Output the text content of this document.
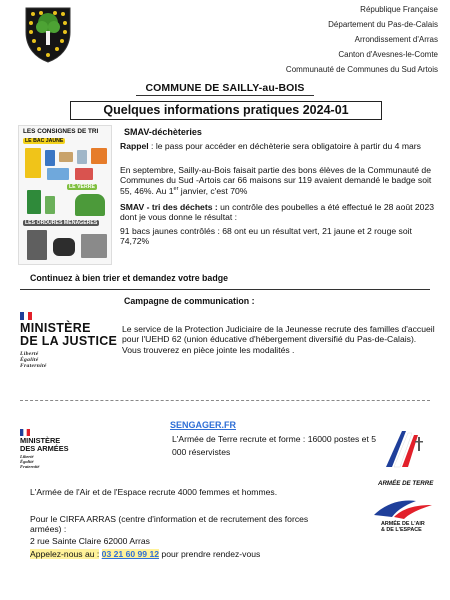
République Française
Département du Pas-de-Calais
Arrondissement d'Arras
Canton d'Avesnes-le-Comte
Communauté de Communes du Sud Artois
COMMUNE DE SAILLY-au-BOIS
Quelques informations pratiques 2024-01
LES CONSIGNES DE TRI
LE BAC JAUNE
LE VERRE
LES ORDURES MÉNAGÈRES
SMAV-déchèteries
Rappel : le pass pour accéder en déchèterie sera obligatoire à partir du 4 mars
En septembre, Sailly-au-Bois faisait partie des bons élèves de la Communauté de Communes du Sud -Artois car 66 maisons sur 119 avaient demandé le badge soit 55, 46%. Au 1er janvier, c'est 70%
SMAV - tri des déchets : un contrôle des poubelles a été effectué le 28 août 2023 dont je vous donne le résultat :
91 bacs jaunes contrôlés : 68 ont eu un résultat vert, 21 jaune et 2 rouge soit 74,72%
Continuez à bien trier et demandez votre badge
Campagne de communication :
MINISTÈRE
DE LA JUSTICE
Liberté
Égalité
Fraternité
Le service de la Protection Judiciaire de la Jeunesse recrute des familles d'accueil pour l'UEHD 62 (union éducative d'hébergement diversifié du Pas-de-Calais).
Vous trouverez en pièce jointe les modalités .
MINISTÈRE
DES ARMÉES
Liberté
Égalité
Fraternité
SENGAGER.FR
L'Armée de Terre recrute et forme : 16000 postes et 5 000 réservistes
ARMÉE DE TERRE
ARMÉE DE L'AIR
& DE L'ESPACE
L'Armée de l'Air et de l'Espace recrute 4000 femmes et hommes.
Pour le CIRFA ARRAS (centre d'information et de recrutement des forces armées) :
2 rue Sainte Claire 62000 Arras
Appelez-nous au : 03 21 60 99 12 pour prendre rendez-vous
